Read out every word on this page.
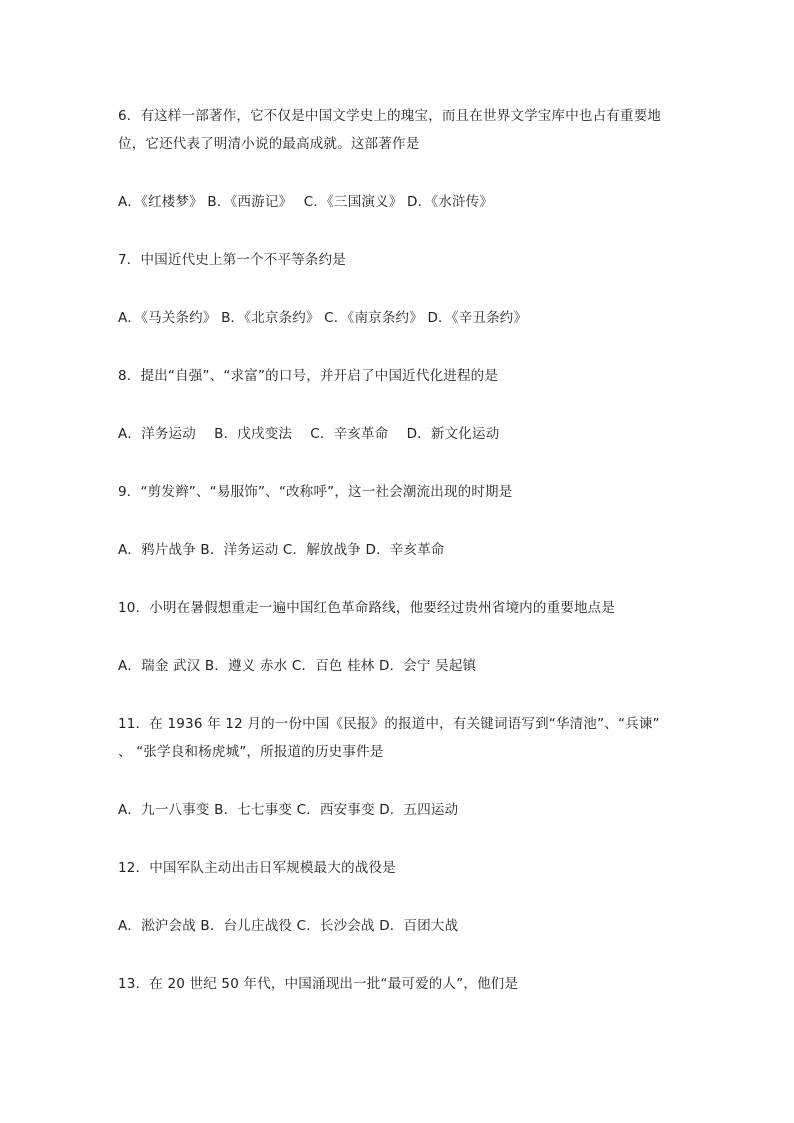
6．有这样一部著作，它不仅是中国文学史上的瑰宝，而且在世界文学宝库中也占有重要地
位，它还代表了明清小说的最高成就。这部著作是
A．《红楼梦》 B．《西游记》　 C．《三国演义》 D．《水浒传》
7．中国近代史上第一个不平等条约是
A．《马关条约》 B．《北京条约》 C．《南京条约》 D．《辛丑条约》
8．提出“自强”、“求富”的口号，并开启了中国近代化进程的是
A．洋务运动　 B．戊戌变法　 C．辛亥革命　 D．新文化运动
9．“剪发辫”、“易服饰”、“改称呼”，这一社会潮流出现的时期是
A．鸦片战争 B．洋务运动 C．解放战争 D．辛亥革命
10．小明在暑假想重走一遍中国红色革命路线，他要经过贵州省境内的重要地点是
A．瑞金 武汉 B．遵义 赤水 C．百色 桂林 D．会宁 吴起镇
11．在 1936 年 12 月的一份中国《民报》的报道中，有关键词语写到“华清池”、“兵谏”
、 “张学良和杨虎城”，所报道的历史事件是
A．九一八事变 B．七七事变 C．西安事变 D．五四运动
12．中国军队主动出击日军规模最大的战役是
A．淞沪会战 B．台儿庄战役 C．长沙会战 D．百团大战
13．在 20 世纪 50 年代，中国涌现出一批“最可爱的人”，他们是
